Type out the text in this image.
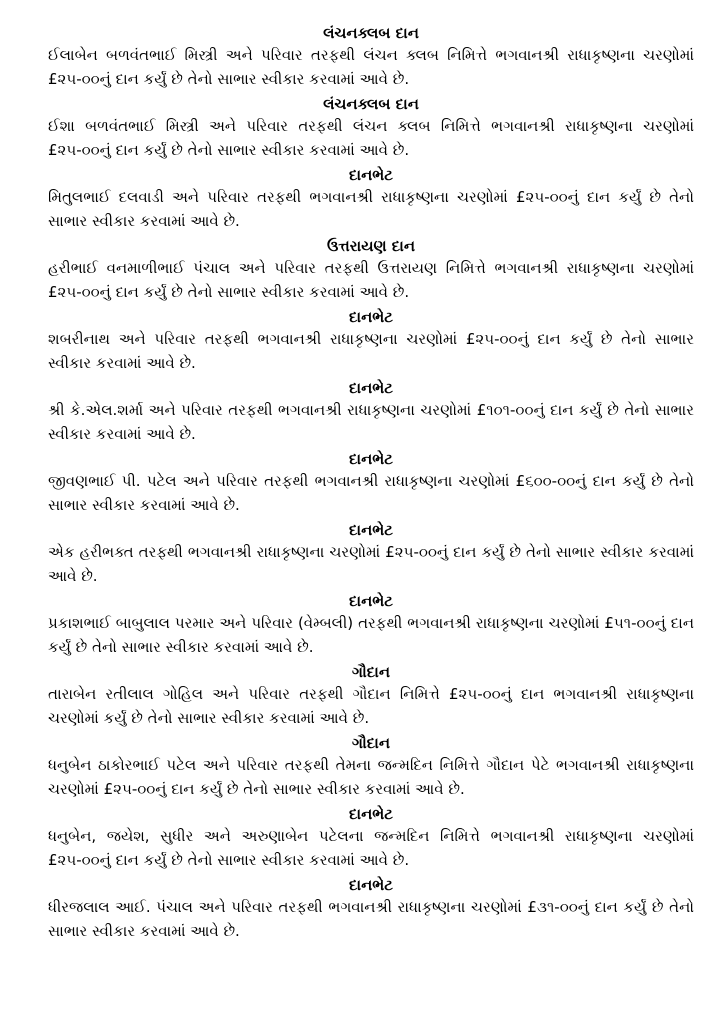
લંચનક્લબ દાન

ઈલાબેન બળવંતભાઈ મિસ્ત્રી અને પરિવાર તરફથી લંચન ક્લબ નિમિત્તે ભગવાનશ્રી રાધાકૃષ્ણના ચરણોમાં £૨૫-૦૦નું દાન કર્યું છે તેનો સાભાર સ્વીકાર કરવામાં આવે છે.

લંચનક્લબ દાન

ઈશા બળવંતભાઈ મિસ્ત્રી અને પરિવાર તરફથી લંચન ક્લબ નિમિત્તે ભગવાનશ્રી રાધાકૃષ્ણના ચરણોમાં £૨૫-૦૦નું દાન કર્યું છે તેનો સાભાર સ્વીકાર કરવામાં આવે છે.

દાનભેટ

મિતુલભાઈ દલવાડી અને પરિવાર તરફથી ભગવાનશ્રી રાધાકૃષ્ણના ચરણોમાં £૨૫-૦૦નું દાન કર્યું છે તેનો સાભાર સ્વીકાર કરવામાં આવે છે.

ઉત્તરાયણ દાન

હરીભાઈ વનમાળીભાઈ પંચાલ અને પરિવાર તરફથી ઉત્તરાયણ નિમિત્તે ભગવાનશ્રી રાધાકૃષ્ણના ચરણોમાં £૨૫-૦૦નું દાન કર્યું છે તેનો સાભાર સ્વીકાર કરવામાં આવે છે.

દાનભેટ

શબરીનાથ અને પરિવાર તરફથી ભગવાનશ્રી રાધાકૃષ્ણના ચરણોમાં £૨૫-૦૦નું દાન કર્યું છે તેનો સાભાર સ્વીકાર કરવામાં આવે છે.

દાનભેટ

શ્રી કે.એલ.શર્મા અને પરિવાર તરફથી ભગવાનશ્રી રાધાકૃષ્ણના ચરણોમાં £૧૦૧-૦૦નું દાન કર્યું છે તેનો સાભાર સ્વીકાર કરવામાં આવે છે.

દાનભેટ

જીવણભાઈ પી. પટેલ અને પરિવાર તરફથી ભગવાનશ્રી રાધાકૃષ્ણના ચરણોમાં £૬૦૦-૦૦નું દાન કર્યું છે તેનો સાભાર સ્વીકાર કરવામાં આવે છે.

દાનભેટ

એક હરીભક્ત તરફથી ભગવાનશ્રી રાધાકૃષ્ણના ચરણોમાં £૨૫-૦૦નું દાન કર્યું છે તેનો સાભાર સ્વીકાર કરવામાં આવે છે.

દાનભેટ

પ્રકાશભાઈ બાબુલાલ પરમાર અને પરિવાર (વેમ્બલી) તરફથી ભગવાનશ્રી રાધાકૃષ્ણના ચરણોમાં £૫૧-૦૦નું દાન કર્યું છે તેનો સાભાર સ્વીકાર કરવામાં આવે છે.

ગૌદાન

તારાબેન રતીલાલ ગોહિલ અને પરિવાર તરફથી ગૌદાન નિમિત્તે £૨૫-૦૦નું દાન ભગવાનશ્રી રાધાકૃષ્ણના ચરણોમાં કર્યું છે તેનો સાભાર સ્વીકાર કરવામાં આવે છે.

ગૌદાન

ધનુબેન ઠાકોરભાઈ પટેલ અને પરિવાર તરફથી તેમના જન્મદિન નિમિત્તે ગૌદાન પેટે ભગવાનશ્રી રાધાકૃષ્ણના ચરણોમાં £૨૫-૦૦નું દાન કર્યું છે તેનો સાભાર સ્વીકાર કરવામાં આવે છે.

દાનભેટ

ધનુબેન, જયેશ, સુધીર અને અરુણાબેન પટેલના જન્મદિન નિમિત્તે ભગવાનશ્રી રાધાકૃષ્ણના ચરણોમાં £૨૫-૦૦નું દાન કર્યું છે તેનો સાભાર સ્વીકાર કરવામાં આવે છે.

દાનભેટ

ધીરજલાલ આઈ. પંચાલ અને પરિવાર તરફથી ભગવાનશ્રી રાધાકૃષ્ણના ચરણોમાં £૩૧-૦૦નું દાન કર્યું છે તેનો સાભાર સ્વીકાર કરવામાં આવે છે.
